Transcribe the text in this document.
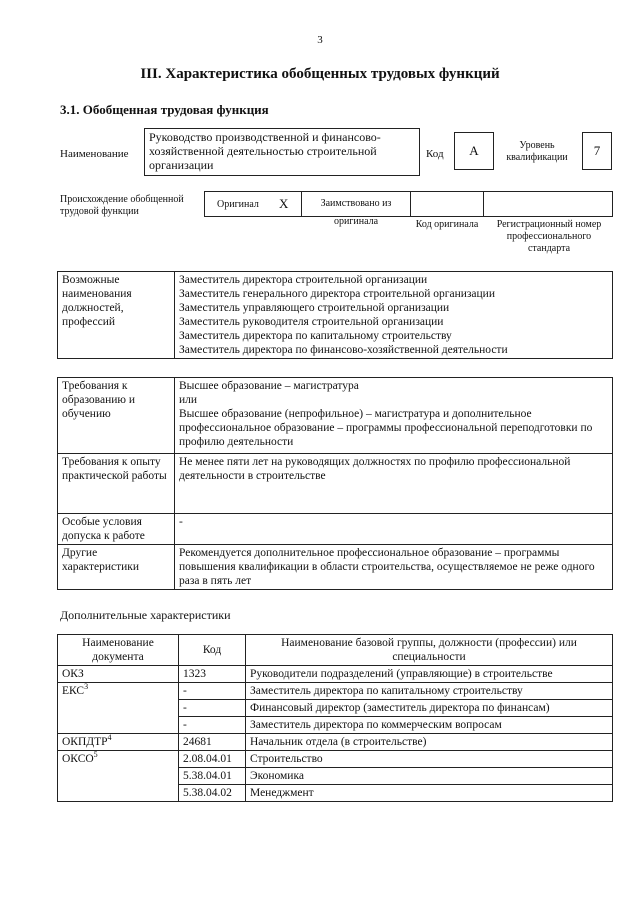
3
III. Характеристика обобщенных трудовых функций
3.1. Обобщенная трудовая функция
Наименование
Руководство производственной и финансово-хозяйственной деятельностью строительной организации
Код	А	Уровень квалификации	7
Происхождение обобщенной трудовой функции
Оригинал X	Заимствовано из оригинала	Код оригинала	Регистрационный номер профессионального стандарта
Возможные наименования должностей, профессий	
Заместитель директора строительной организации
Заместитель генерального директора строительной организации
Заместитель управляющего строительной организации
Заместитель руководителя строительной организации
Заместитель директора по капитальному строительству
Заместитель директора по финансово-хозяйственной деятельности
Требования к образованию и обучению	Высшее образование – магистратура
или
Высшее образование (непрофильное) – магистратура и дополнительное профессиональное образование – программы профессиональной переподготовки по профилю деятельности

Требования к опыту практической работы	Не менее пяти лет на руководящих должностях по профилю профессиональной деятельности в строительстве
Особые условия допуска к работе	-
Другие характеристики	Рекомендуется дополнительное профессиональное образование – программы повышения квалификации в области строительства, осуществляемое не реже одного раза в пять лет
Дополнительные характеристики
Наименование документа	Код	Наименование базовой группы, должности (профессии) или специальности
ОКЗ	1323	Руководители подразделений (управляющие) в строительстве
ЕКС$^3$	-	Заместитель директора по капитальному строительству
	-	Финансовый директор (заместитель директора по финансам)
	-	Заместитель директора по коммерческим вопросам
ОКПДТР$^4$	24681	Начальник отдела (в строительстве)
ОКСО$^5$	2.08.04.01	Строительство
	5.38.04.01	Экономика
	5.38.04.02	Менеджмент
